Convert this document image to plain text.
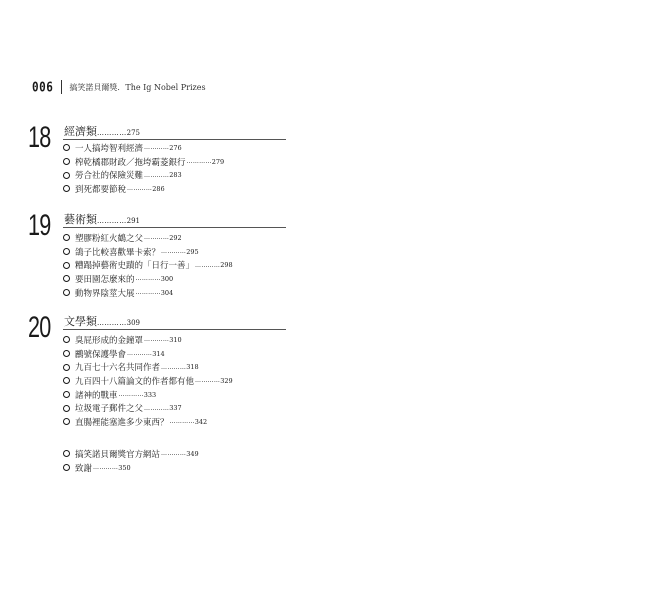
006 搞笑諾貝爾獎．The Ig Nobel Prizes
18 經濟類…………275
一人搞垮智利經濟 ………… 276
榨乾橘郡財政／拖垮霸菱銀行 ………… 279
勞合社的保險災難 ………… 283
到死都要節稅 ………… 286
19 藝術類…………291
塑膠粉紅火鶴之父 ………… 292
鴿子比較喜歡畢卡索？ ………… 295
糟蹋掉藝術史蹟的「日行一善」 ………… 298
要田園怎麼來的 ………… 300
動物界陰莖大展 ………… 304
20 文學類…………309
臭屁形成的金鐘罩 ………… 310
鸝號保護學會 ………… 314
九百七十六名共同作者 ………… 318
九百四十八篇論文的作者都有他 ………… 329
諸神的戰車 ………… 333
垃圾電子郵件之父 ………… 337
直腸裡能塞進多少東西？ ………… 342
搞笑諾貝爾獎官方網站 ………… 349
致謝 ………… 350
